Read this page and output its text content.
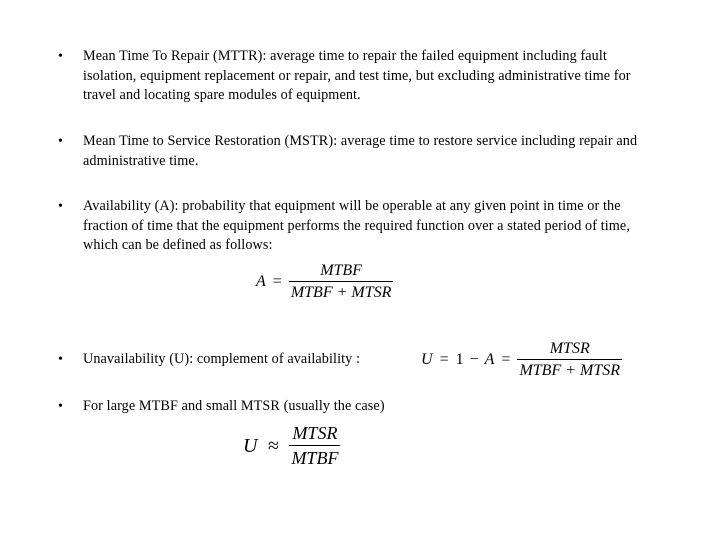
• Mean Time To Repair (MTTR): average time to repair the failed equipment including fault isolation, equipment replacement or repair, and test time, but excluding administrative time for travel and locating spare modules of equipment.
• Mean Time to Service Restoration (MSTR): average time to restore service including repair and administrative time.
• Availability (A): probability that equipment will be operable at any given point in time or the fraction of time that the equipment performs the required function over a stated period of time, which can be defined as follows:
$A = \frac{\text{MTBF}}{\text{MTBF + MTSR}}$
• Unavailability (U): complement of availability :	$U = 1 - A = \frac{\text{MTSR}}{\text{MTBF + MTSR}}$
• For large MTBF and small MTSR (usually the case)
$U \approx \frac{\text{MTSR}}{\text{MTBF}}$
